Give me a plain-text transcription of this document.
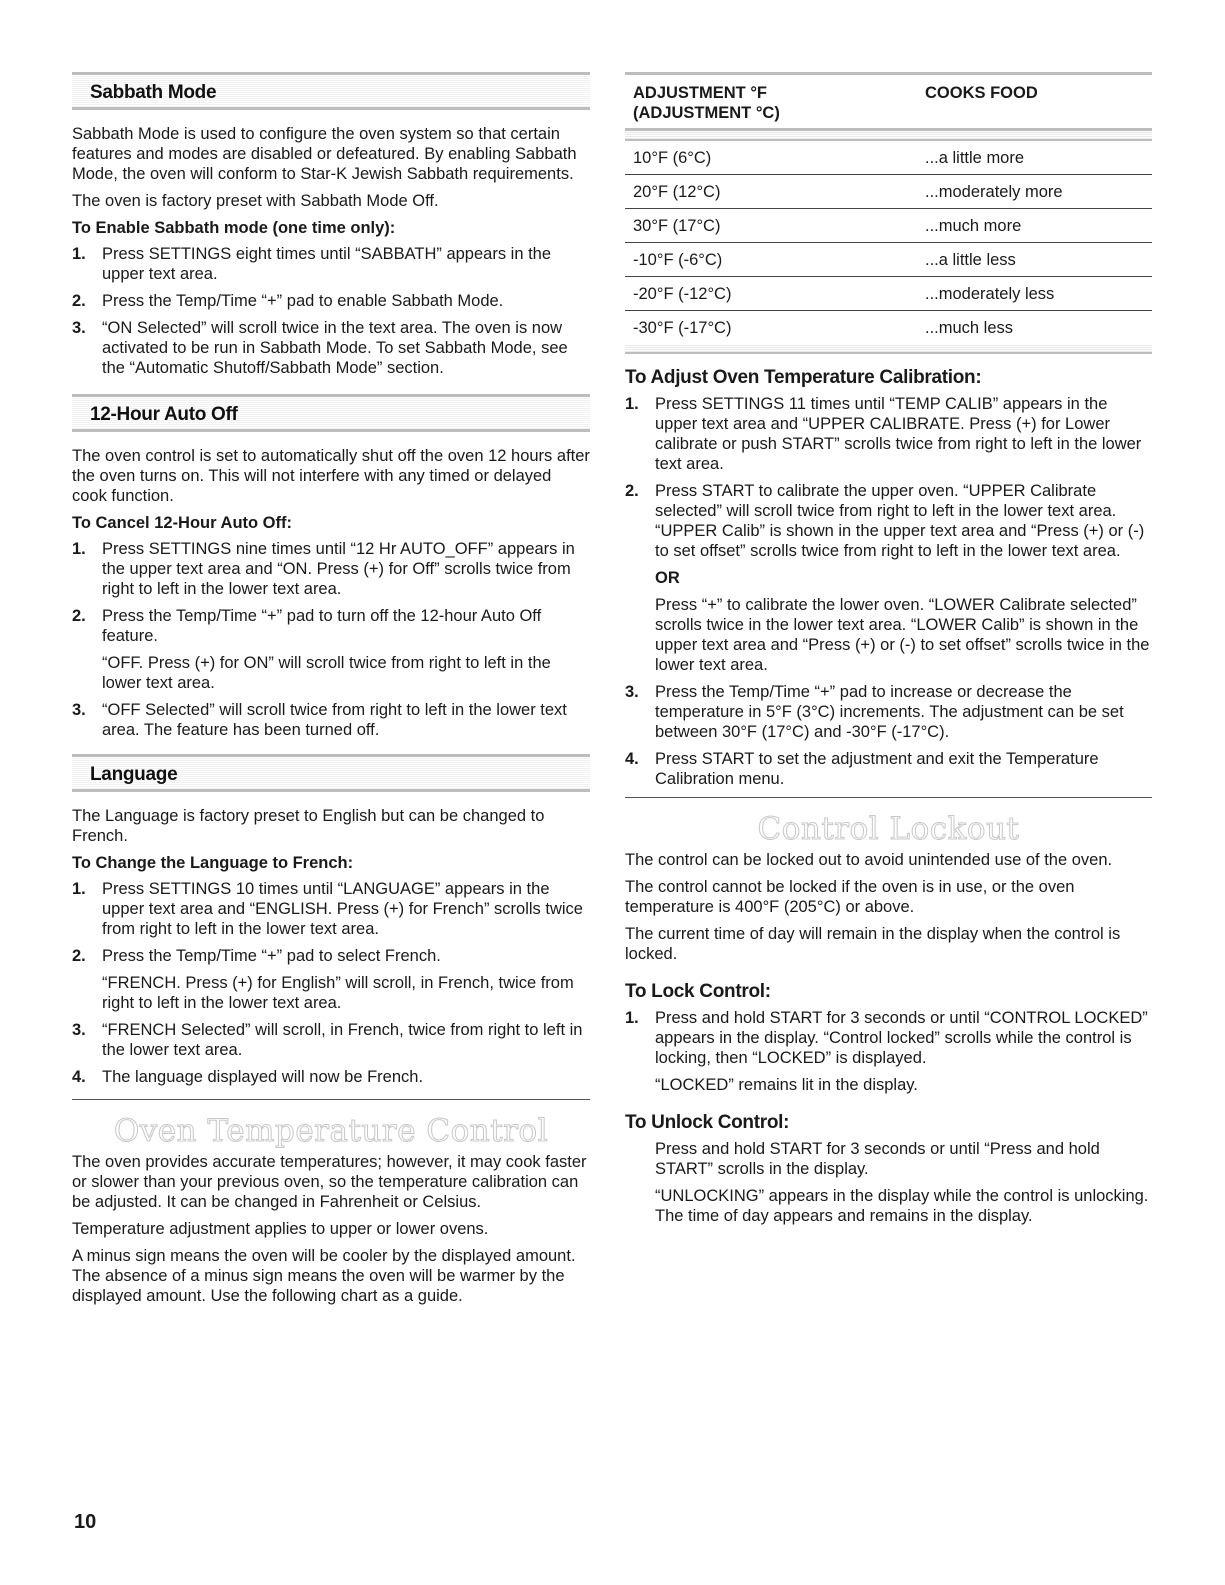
Sabbath Mode

Sabbath Mode is used to configure the oven system so that certain features and modes are disabled or defeatured. By enabling Sabbath Mode, the oven will conform to Star-K Jewish Sabbath requirements.

The oven is factory preset with Sabbath Mode Off.

To Enable Sabbath mode (one time only):
1. Press SETTINGS eight times until “SABBATH” appears in the upper text area.
2. Press the Temp/Time “+” pad to enable Sabbath Mode.
3. “ON Selected” will scroll twice in the text area. The oven is now activated to be run in Sabbath Mode. To set Sabbath Mode, see the “Automatic Shutoff/Sabbath Mode” section.
12-Hour Auto Off

The oven control is set to automatically shut off the oven 12 hours after the oven turns on. This will not interfere with any timed or delayed cook function.

To Cancel 12-Hour Auto Off:
1. Press SETTINGS nine times until “12 Hr AUTO_OFF” appears in the upper text area and “ON. Press (+) for Off” scrolls twice from right to left in the lower text area.
2. Press the Temp/Time “+” pad to turn off the 12-hour Auto Off feature.

“OFF. Press (+) for ON” will scroll twice from right to left in the lower text area.

3. “OFF Selected” will scroll twice from right to left in the lower text area. The feature has been turned off.
Language

The Language is factory preset to English but can be changed to French.

To Change the Language to French:
1. Press SETTINGS 10 times until “LANGUAGE” appears in the upper text area and “ENGLISH. Press (+) for French” scrolls twice from right to left in the lower text area.
2. Press the Temp/Time “+” pad to select French.

“FRENCH. Press (+) for English” will scroll, in French, twice from right to left in the lower text area.

3. “FRENCH Selected” will scroll, in French, twice from right to left in the lower text area.
4. The language displayed will now be French.
Oven Temperature Control

The oven provides accurate temperatures; however, it may cook faster or slower than your previous oven, so the temperature calibration can be adjusted. It can be changed in Fahrenheit or Celsius.

Temperature adjustment applies to upper or lower ovens.

A minus sign means the oven will be cooler by the displayed amount. The absence of a minus sign means the oven will be warmer by the displayed amount. Use the following chart as a guide.

ADJUSTMENT °F
(ADJUSTMENT °C)	COOKS FOOD

10°F (6°C)	...a little more
20°F (12°C)	...moderately more
30°F (17°C)	...much more
-10°F (-6°C)	...a little less
-20°F (-12°C)	...moderately less
-30°F (-17°C)	...much less
To Adjust Oven Temperature Calibration:
1. Press SETTINGS 11 times until “TEMP CALIB” appears in the upper text area and “UPPER CALIBRATE. Press (+) for Lower calibrate or push START” scrolls twice from right to left in the lower text area.
2. Press START to calibrate the upper oven. “UPPER Calibrate selected” will scroll twice from right to left in the lower text area. “UPPER Calib” is shown in the upper text area and “Press (+) or (-) to set offset” scrolls twice from right to left in the lower text area.

OR

Press “+” to calibrate the lower oven. “LOWER Calibrate selected” scrolls twice in the lower text area. “LOWER Calib” is shown in the upper text area and “Press (+) or (-) to set offset” scrolls twice in the lower text area.

3. Press the Temp/Time “+” pad to increase or decrease the temperature in 5°F (3°C) increments. The adjustment can be set between 30°F (17°C) and -30°F (-17°C).
4. Press START to set the adjustment and exit the Temperature Calibration menu.
Control Lockout

The control can be locked out to avoid unintended use of the oven.

The control cannot be locked if the oven is in use, or the oven temperature is 400°F (205°C) or above.

The current time of day will remain in the display when the control is locked.

To Lock Control:
1. Press and hold START for 3 seconds or until “CONTROL LOCKED” appears in the display. “Control locked” scrolls while the control is locking, then “LOCKED” is displayed.

“LOCKED” remains lit in the display.

To Unlock Control:

Press and hold START for 3 seconds or until “Press and hold START” scrolls in the display.

“UNLOCKING” appears in the display while the control is unlocking. The time of day appears and remains in the display.

10
